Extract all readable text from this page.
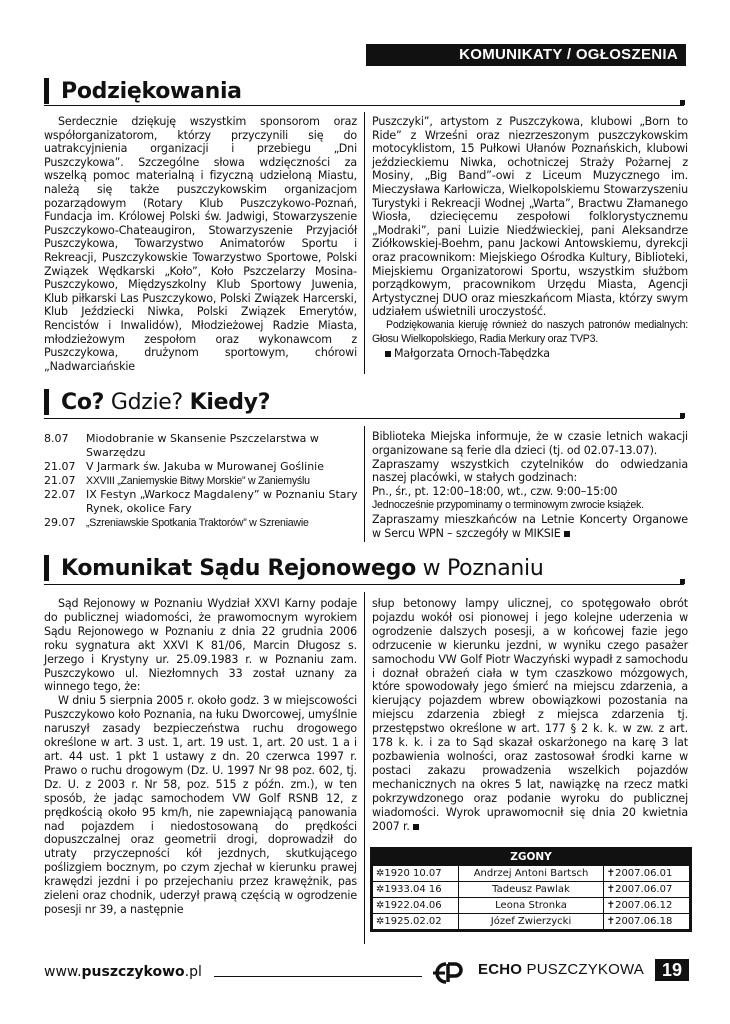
KOMUNIKATY / OGŁOSZENIA
Podziękowania

Serdecznie dziękuję wszystkim sponsorom oraz współorganizatorom, którzy przyczynili się do uatrakcyjnienia organizacji i przebiegu „Dni Puszczykowa”. Szczególne słowa wdzięczności za wszelką pomoc materialną i fizyczną udzieloną Miastu, należą się także puszczykowskim organizacjom pozarządowym (Rotary Klub Puszczykowo-Poznań, Fundacja im. Królowej Polski św. Jadwigi, Stowarzyszenie Puszczykowo-Chateaugiron, Stowarzyszenie Przyjaciół Puszczykowa, Towarzystwo Animatorów Sportu i Rekreacji, Puszczykowskie Towarzystwo Sportowe, Polski Związek Wędkarski „Koło”, Koło Pszczelarzy Mosina-Puszczykowo, Międzyszkolny Klub Sportowy Juwenia, Klub piłkarski Las Puszczykowo, Polski Związek Harcerski, Klub Jeździecki Niwka, Polski Związek Emerytów, Rencistów i Inwalidów), Młodzieżowej Radzie Miasta, młodzieżowym zespołom oraz wykonawcom z Puszczykowa, drużynom sportowym, chórowi „Nadwarciańskie

Puszczyki”, artystom z Puszczykowa, klubowi „Born to Ride” z Wrześni oraz niezrzeszonym puszczykowskim motocyklistom, 15 Pułkowi Ułanów Poznańskich, klubowi jeździeckiemu Niwka, ochotniczej Straży Pożarnej z Mosiny, „Big Band”-owi z Liceum Muzycznego im. Mieczysława Karłowicza, Wielkopolskiemu Stowarzyszeniu Turystyki i Rekreacji Wodnej „Warta”, Bractwu Złamanego Wiosła, dziecięcemu zespołowi folklorystycznemu „Modraki”, pani Luizie Niedźwieckiej, pani Aleksandrze Ziółkowskiej-Boehm, panu Jackowi Antowskiemu, dyrekcji oraz pracownikom: Miejskiego Ośrodka Kultury, Biblioteki, Miejskiemu Organizatorowi Sportu, wszystkim służbom porządkowym, pracownikom Urzędu Miasta, Agencji Artystycznej DUO oraz mieszkańcom Miasta, którzy swym udziałem uświetnili uroczystość.

Podziękowania kieruję również do naszych patronów medialnych: Głosu Wielkopolskiego, Radia Merkury oraz TVP3.

Małgorzata Ornoch-Tabędzka
Co? Gdzie? Kiedy?
8.07	Miodobranie w Skansenie Pszczelarstwa w Swarzędzu
21.07 V Jarmark św. Jakuba w Murowanej Goślinie
21.07 XXVIII „Zaniemyskie Bitwy Morskie” w Zaniemyślu
22.07 IX Festyn „Warkocz Magdaleny” w Poznaniu Stary Rynek, okolice Fary
29.07 „Szreniawskie Spotkania Traktorów” w Szreniawie

Biblioteka Miejska informuje, że w czasie letnich wakacji organizowane są ferie dla dzieci (tj. od 02.07-13.07).

Zapraszamy wszystkich czytelników do odwiedzania naszej placówki, w stałych godzinach:

Pn., śr., pt. 12:00–18:00, wt., czw. 9:00–15:00

Jednocześnie przypominamy o terminowym zwrocie książek.

Zapraszamy mieszkańców na Letnie Koncerty Organowe w Sercu WPN – szczegóły w MIKSIE

Komunikat Sądu Rejonowego w Poznaniu

Sąd Rejonowy w Poznaniu Wydział XXVI Karny podaje do publicznej wiadomości, że prawomocnym wyrokiem Sądu Rejonowego w Poznaniu z dnia 22 grudnia 2006 roku sygnatura akt XXVI K 81/06, Marcin Długosz s. Jerzego i Krystyny ur. 25.09.1983 r. w Poznaniu zam. Puszczykowo ul. Niezłomnych 33 został uznany za winnego tego, że:

W dniu 5 sierpnia 2005 r. około godz. 3 w miejscowości Puszczykowo koło Poznania, na łuku Dworcowej, umyślnie naruszył zasady bezpieczeństwa ruchu drogowego określone w art. 3 ust. 1, art. 19 ust. 1, art. 20 ust. 1 a i art. 44 ust. 1 pkt 1 ustawy z dn. 20 czerwca 1997 r. Prawo o ruchu drogowym (Dz. U. 1997 Nr 98 poz. 602, tj. Dz. U. z 2003 r. Nr 58, poz. 515 z późn. zm.), w ten sposób, że jadąc samochodem VW Golf RSNB 12, z prędkością około 95 km/h, nie zapewniającą panowania nad pojazdem i niedostosowaną do prędkości dopuszczalnej oraz geometrii drogi, doprowadził do utraty przyczepności kół jezdnych, skutkującego poślizgiem bocznym, po czym zjechał w kierunku prawej krawędzi jezdni i po przejechaniu przez krawężnik, pas zieleni oraz chodnik, uderzył prawą częścią w ogrodzenie posesji nr 39, a następnie

słup betonowy lampy ulicznej, co spotęgowało obrót pojazdu wokół osi pionowej i jego kolejne uderzenia w ogrodzenie dalszych posesji, a w końcowej fazie jego odrzucenie w kierunku jezdni, w wyniku czego pasażer samochodu VW Golf Piotr Waczyński wypadł z samochodu i doznał obrażeń ciała w tym czaszkowo mózgowych, które spowodowały jego śmierć na miejscu zdarzenia, a kierujący pojazdem wbrew obowiązkowi pozostania na miejscu zdarzenia zbiegł z miejsca zdarzenia tj. przestępstwo określone w art. 177 § 2 k. k. w zw. z art. 178 k. k. i za to Sąd skazał oskarżonego na karę 3 lat pozbawienia wolności, oraz zastosował środki karne w postaci zakazu prowadzenia wszelkich pojazdów mechanicznych na okres 5 lat, nawiązkę na rzecz matki pokrzywdzonego oraz podanie wyroku do publicznej wiadomości. Wyrok uprawomocnił się dnia 20 kwietnia 2007 r.

ZGONY
✲1920 10.07	Andrzej Antoni Bartsch	✝2007.06.01
✲1933.04 16	Tadeusz Pawlak	✝2007.06.07
✲1922.04.06	Leona Stronka	✝2007.06.12
✲1925.02.02	Józef Zwierzycki	✝2007.06.18
www.puszczykowo.pl	ECHO PUSZCZYKOWA 19
